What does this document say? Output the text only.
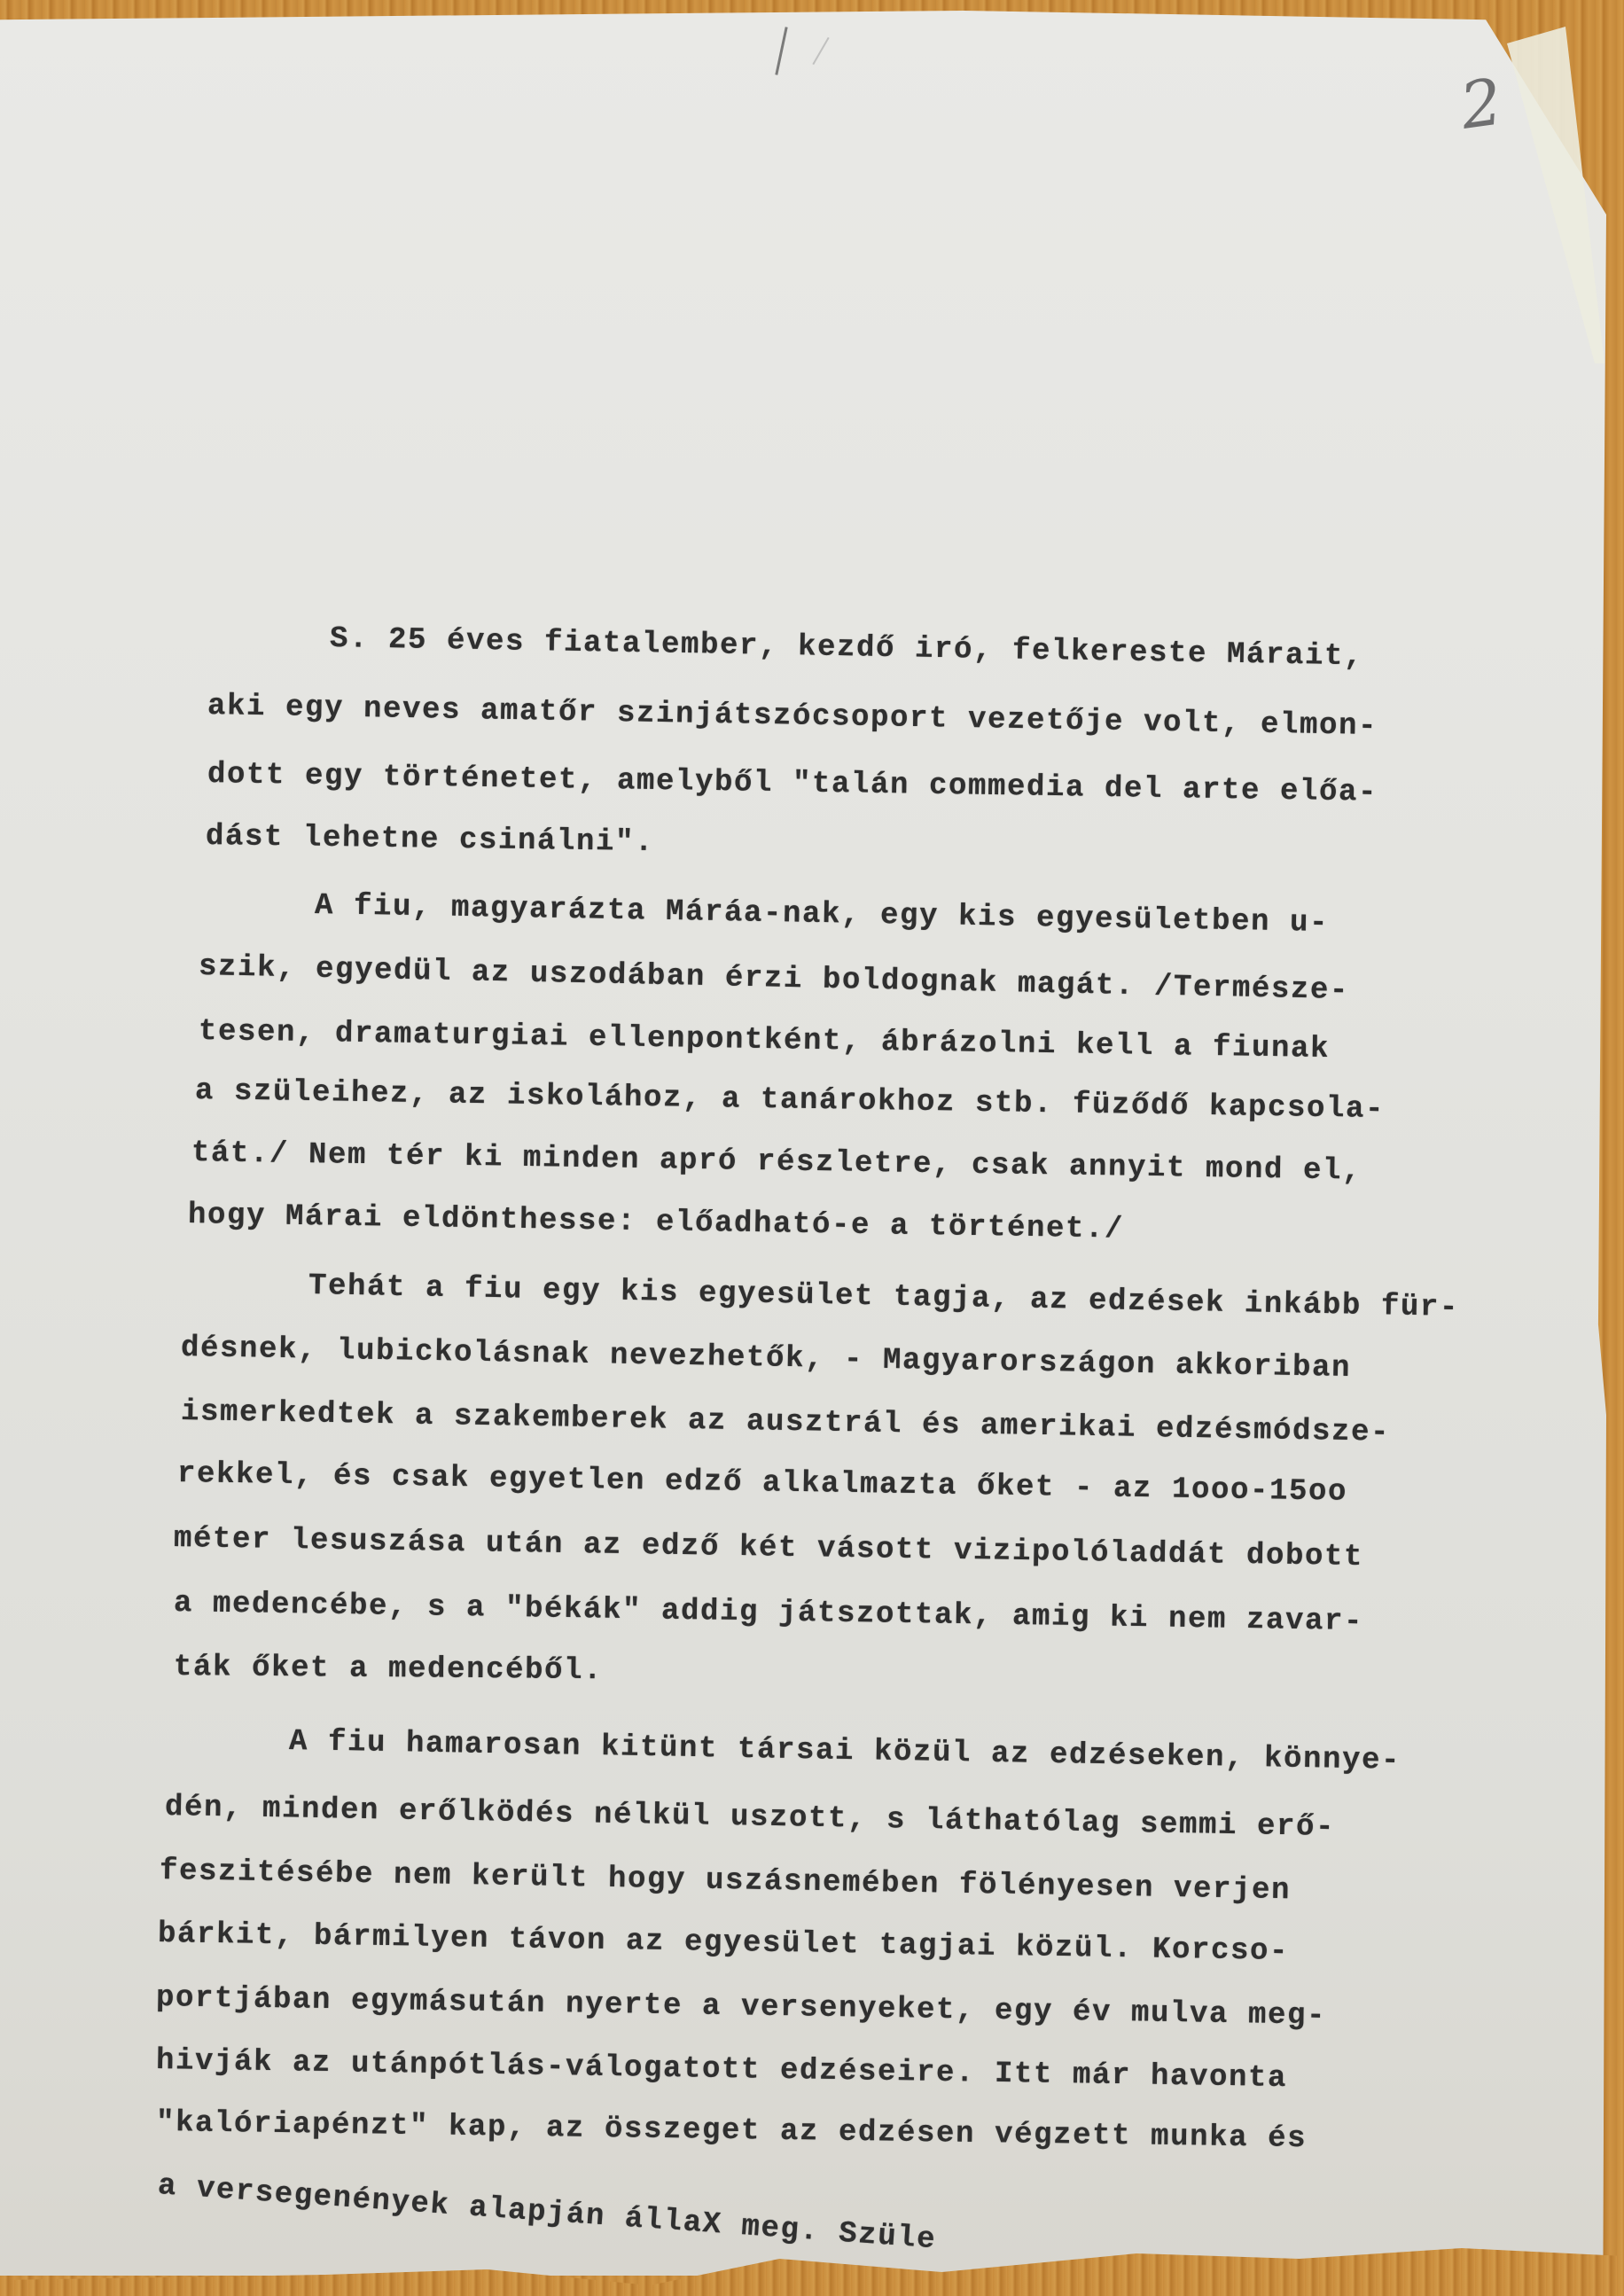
2
S. 25 éves fiatalember, kezdő iró, felkereste Márait,
aki egy neves amatőr szinjátszócsoport vezetője volt, elmon-
dott egy történetet, amelyből "talán commedia del arte előa-
dást lehetne csinálni".
A fiu, magyarázta Máráa-nak, egy kis egyesületben u-
szik, egyedül az uszodában érzi boldognak magát. /Természe-
tesen, dramaturgiai ellenpontként, ábrázolni kell a fiunak
a szüleihez, az iskolához, a tanárokhoz stb. füződő kapcsola-
tát./ Nem tér ki minden apró részletre, csak annyit mond el,
hogy Márai eldönthesse: előadható-e a történet./
Tehát a fiu egy kis egyesület tagja, az edzések inkább für-
désnek, lubickolásnak nevezhetők, - Magyarországon akkoriban
ismerkedtek a szakemberek az ausztrál és amerikai edzésmódsze-
rekkel, és csak egyetlen edző alkalmazta őket - az 1ooo-15oo
méter lesuszása után az edző két vásott vizipolóladdát dobott
a medencébe, s a "békák" addig játszottak, amig ki nem zavar-
ták őket a medencéből.
A fiu hamarosan kitünt társai közül az edzéseken, könnye-
dén, minden erőlködés nélkül uszott, s láthatólag semmi erő-
feszitésébe nem került hogy uszásnemében fölényesen verjen
bárkit, bármilyen távon az egyesület tagjai közül. Korcso-
portjában egymásután nyerte a versenyeket, egy év mulva meg-
hivják az utánpótlás-válogatott edzéseire. Itt már havonta
"kalóriapénzt" kap, az összeget az edzésen végzett munka és
a versegenények alapján állaX meg. Szüle
